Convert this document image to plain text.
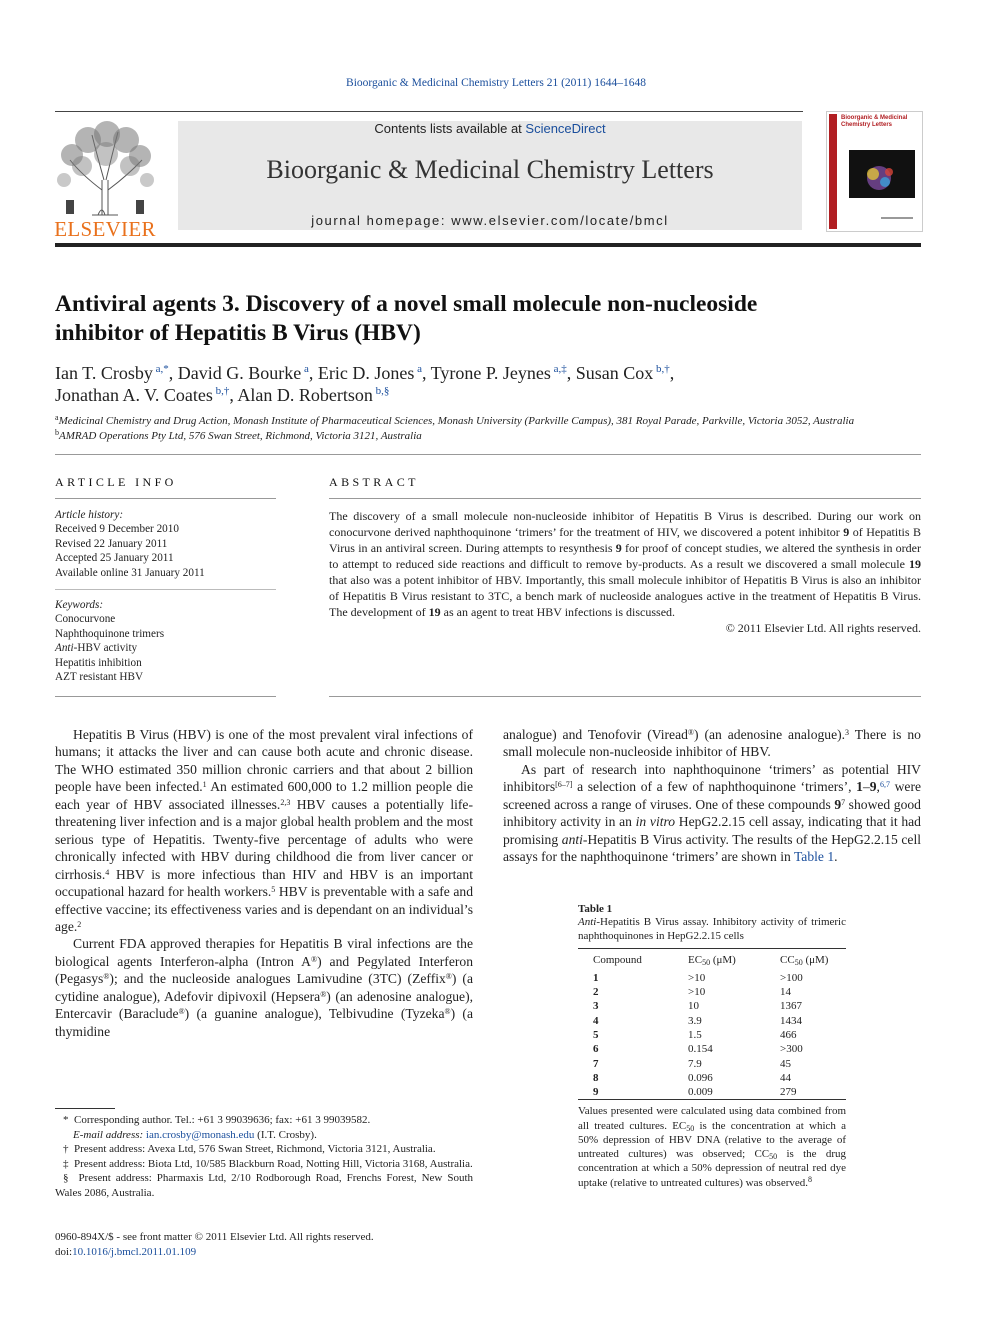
Bioorganic & Medicinal Chemistry Letters 21 (2011) 1644–1648
ELSEVIER
Contents lists available at ScienceDirect
Bioorganic & Medicinal Chemistry Letters
journal homepage: www.elsevier.com/locate/bmcl
Bioorganic & Medicinal Chemistry Letters
Antiviral agents 3. Discovery of a novel small molecule non-nucleoside
inhibitor of Hepatitis B Virus (HBV)
Ian T. Crosby $^{a,*}$, David G. Bourke $^a$, Eric D. Jones $^a$, Tyrone P. Jeynes $^{a,\ddagger}$, Susan Cox $^{b,\dagger}$,
Jonathan A. V. Coates $^{b,\dagger}$, Alan D. Robertson $^{b,\S}$
$^a$Medicinal Chemistry and Drug Action, Monash Institute of Pharmaceutical Sciences, Monash University (Parkville Campus), 381 Royal Parade, Parkville, Victoria 3052, Australia
$^b$AMRAD Operations Pty Ltd, 576 Swan Street, Richmond, Victoria 3121, Australia
ARTICLE INFO
Article history:
Received 9 December 2010
Revised 22 January 2011
Accepted 25 January 2011
Available online 31 January 2011
Keywords:
Conocurvone
Naphthoquinone trimers
Anti-HBV activity
Hepatitis inhibition
AZT resistant HBV
ABSTRACT

The discovery of a small molecule non-nucleoside inhibitor of Hepatitis B Virus is described. During our work on conocurvone derived naphthoquinone ‘trimers’ for the treatment of HIV, we discovered a potent inhibitor 9 of Hepatitis B Virus in an antiviral screen. During attempts to resynthesis 9 for proof of concept studies, we altered the synthesis in order to attempt to reduced side reactions and difficult to remove by-products. As a result we discovered a small molecule 19 that also was a potent inhibitor of HBV. Importantly, this small molecule inhibitor of Hepatitis B Virus is also an inhibitor of Hepatitis B Virus resistant to 3TC, a bench mark of nucleoside analogues active in the treatment of Hepatitis B Virus. The development of 19 as an agent to treat HBV infections is discussed.

© 2011 Elsevier Ltd. All rights reserved.

Hepatitis B Virus (HBV) is one of the most prevalent viral infections of humans; it attacks the liver and can cause both acute and chronic disease. The WHO estimated 350 million chronic carriers and that about 2 billion people have been infected.$^1$ An estimated 600,000 to 1.2 million people die each year of HBV associated illnesses.$^{2,3}$ HBV causes a potentially life-threatening liver infection and is a major global health problem and the most serious type of Hepatitis. Twenty-five percentage of adults who were chronically infected with HBV during childhood die from liver cancer or cirrhosis.$^4$ HBV is more infectious than HIV and HBV is an important occupational hazard for health workers.$^5$ HBV is preventable with a safe and effective vaccine; its effectiveness varies and is dependant on an individual’s age.$^2$

Current FDA approved therapies for Hepatitis B viral infections are the biological agents Interferon-alpha (Intron A®) and Pegylated Interferon (Pegasys®); and the nucleoside analogues Lamivudine (3TC) (Zeffix®) (a cytidine analogue), Adefovir dipivoxil (Hepsera®) (an adenosine analogue), Entercavir (Baraclude®) (a guanine analogue), Telbivudine (Tyzeka®) (a thymidine

analogue) and Tenofovir (Viread®) (an adenosine analogue).$^3$ There is no small molecule non-nucleoside inhibitor of HBV.

As part of research into naphthoquinone ‘trimers’ as potential HIV inhibitors[6–7] a selection of a few of naphthoquinone ‘trimers’, 1–9,$^{6,7}$ were screened across a range of viruses. One of these compounds $9^7$ showed good inhibitory activity in an in vitro HepG2.2.15 cell assay, indicating that it had promising anti-Hepatitis B Virus activity. The results of the HepG2.2.15 cell assays for the naphthoquinone ‘trimers’ are shown in Table 1.

Table 1
Anti-Hepatitis B Virus assay. Inhibitory activity of trimeric naphthoquinones in HepG2.2.15 cells
Compound	$EC_{50}$ (μM)	$CC_{50}$ (μM)
1	>10	>100
2	>10	14
3	10	1367
4	3.9	1434
5	1.5	466
6	0.154	>300
7	7.9	45
8	0.096	44
9	0.009	279
Values presented were calculated using data combined from all treated cultures. $EC_{50}$ is the concentration at which a 50% depression of HBV DNA (relative to the average of untreated cultures) was observed; $CC_{50}$ is the drug concentration at which a 50% depression of neutral red dye uptake (relative to untreated cultures) was observed.$^8$
*  Corresponding author. Tel.: +61 3 99039636; fax: +61 3 99039582.
E-mail address: ian.crosby@monash.edu (I.T. Crosby).
†  Present address: Avexa Ltd, 576 Swan Street, Richmond, Victoria 3121, Australia.
‡  Present address: Biota Ltd, 10/585 Blackburn Road, Notting Hill, Victoria 3168, Australia.
§  Present address: Pharmaxis Ltd, 2/10 Rodborough Road, Frenchs Forest, New South Wales 2086, Australia.
0960-894X/$ - see front matter © 2011 Elsevier Ltd. All rights reserved.
doi:10.1016/j.bmcl.2011.01.109
